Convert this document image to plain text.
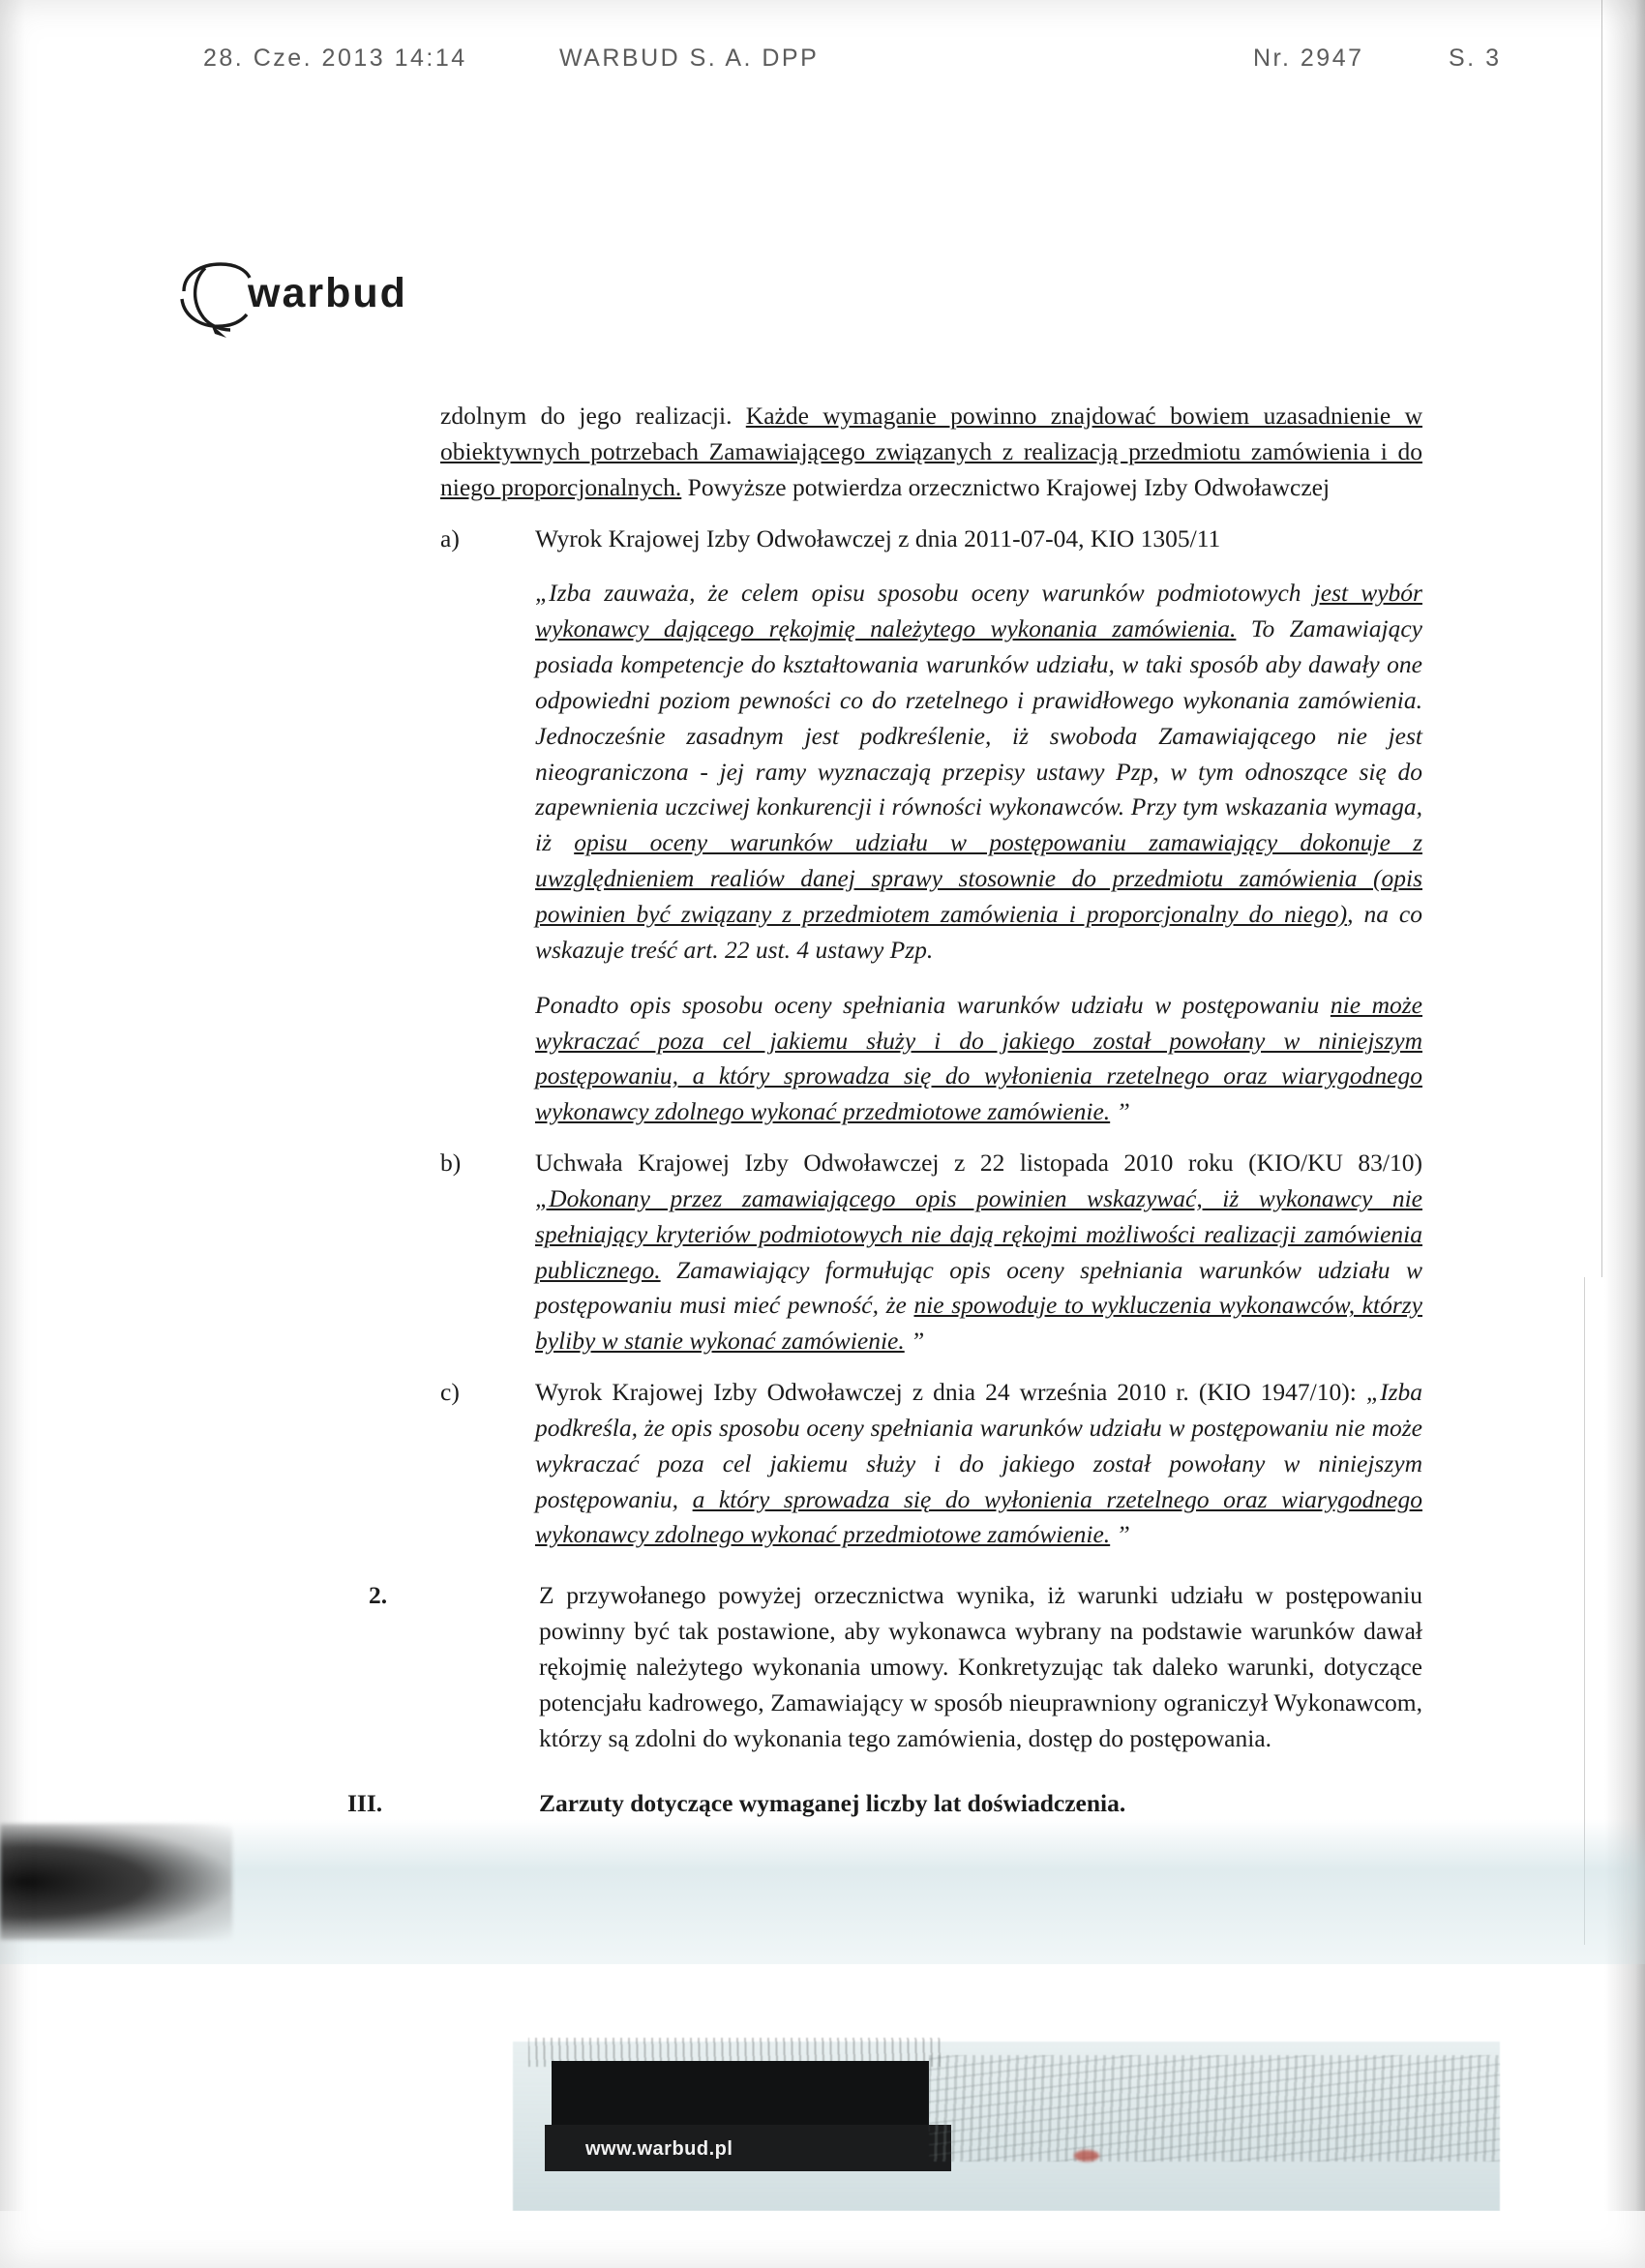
28. Cze. 2013 14:14	WARBUD S. A. DPP	Nr. 2947	S. 3
warbud

zdolnym do jego realizacji. Każde wymaganie powinno znajdować bowiem uzasadnienie w obiektywnych potrzebach Zamawiającego związanych z realizacją przedmiotu zamówienia i do niego proporcjonalnych. Powyższe potwierdza orzecznictwo Krajowej Izby Odwoławczej

a)	Wyrok Krajowej Izby Odwoławczej z dnia 2011-07-04, KIO 1305/11

„Izba zauważa, że celem opisu sposobu oceny warunków podmiotowych jest wybór wykonawcy dającego rękojmię należytego wykonania zamówienia. To Zamawiający posiada kompetencje do kształtowania warunków udziału, w taki sposób aby dawały one odpowiedni poziom pewności co do rzetelnego i prawidłowego wykonania zamówienia. Jednocześnie zasadnym jest podkreślenie, iż swoboda Zamawiającego nie jest nieograniczona - jej ramy wyznaczają przepisy ustawy Pzp, w tym odnoszące się do zapewnienia uczciwej konkurencji i równości wykonawców. Przy tym wskazania wymaga, iż opisu oceny warunków udziału w postępowaniu zamawiający dokonuje z uwzględnieniem realiów danej sprawy stosownie do przedmiotu zamówienia (opis powinien być związany z przedmiotem zamówienia i proporcjonalny do niego), na co wskazuje treść art. 22 ust. 4 ustawy Pzp.

Ponadto opis sposobu oceny spełniania warunków udziału w postępowaniu nie może wykraczać poza cel jakiemu służy i do jakiego został powołany w niniejszym postępowaniu, a który sprowadza się do wyłonienia rzetelnego oraz wiarygodnego wykonawcy zdolnego wykonać przedmiotowe zamówienie. ”

b)	Uchwała Krajowej Izby Odwoławczej z 22 listopada 2010 roku (KIO/KU 83/10) „Dokonany przez zamawiającego opis powinien wskazywać, iż wykonawcy nie spełniający kryteriów podmiotowych nie dają rękojmi możliwości realizacji zamówienia publicznego. Zamawiający formułując opis oceny spełniania warunków udziału w postępowaniu musi mieć pewność, że nie spowoduje to wykluczenia wykonawców, którzy byliby w stanie wykonać zamówienie. ”

c)	Wyrok Krajowej Izby Odwoławczej z dnia 24 września 2010 r. (KIO 1947/10): „Izba podkreśla, że opis sposobu oceny spełniania warunków udziału w postępowaniu nie może wykraczać poza cel jakiemu służy i do jakiego został powołany w niniejszym postępowaniu, a który sprowadza się do wyłonienia rzetelnego oraz wiarygodnego wykonawcy zdolnego wykonać przedmiotowe zamówienie. ”

2.	Z przywołanego powyżej orzecznictwa wynika, iż warunki udziału w postępowaniu powinny być tak postawione, aby wykonawca wybrany na podstawie warunków dawał rękojmię należytego wykonania umowy. Konkretyzując tak daleko warunki, dotyczące potencjału kadrowego, Zamawiający w sposób nieuprawniony ograniczył Wykonawcom, którzy są zdolni do wykonania tego zamówienia, dostęp do postępowania.
III.	Zarzuty dotyczące wymaganej liczby lat doświadczenia.
www.warbud.pl
